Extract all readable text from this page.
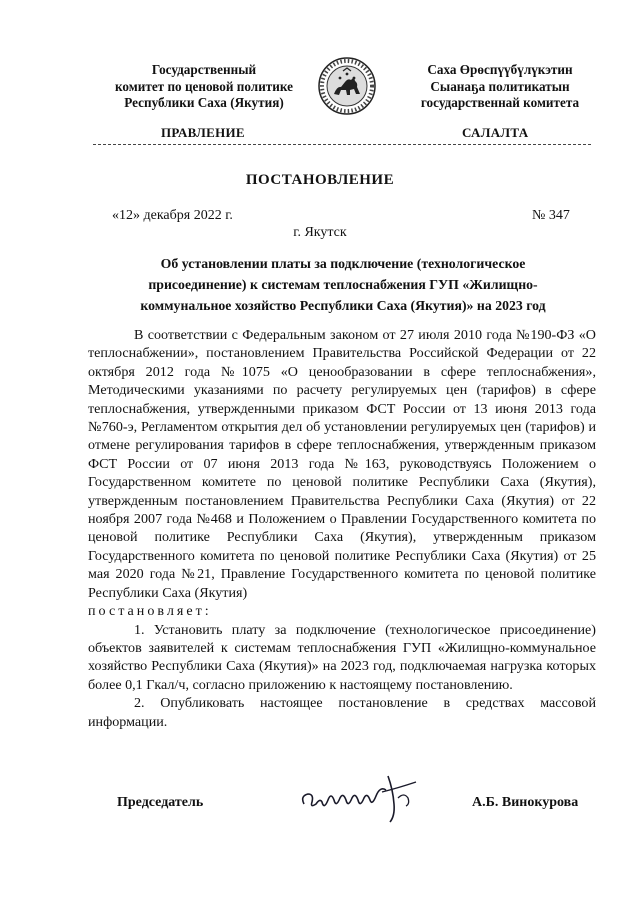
Государственный
комитет по ценовой политике
Республики Саха (Якутия)
Саха Өрөспүүбүлүкэтин
Сыанаҕа политикатын
государственнай комитета
ПРАВЛЕНИЕ	САЛАЛТА
ПОСТАНОВЛЕНИЕ
«12» декабря 2022 г.	№ 347
г. Якутск
Об установлении платы за подключение (технологическое
присоединение) к системам теплоснабжения ГУП «Жилищно-
коммунальное хозяйство Республики Саха (Якутия)» на 2023 год

В соответствии с Федеральным законом от 27 июля 2010 года №190-ФЗ «О теплоснабжении», постановлением Правительства Российской Федерации от 22 октября 2012 года №1075 «О ценообразовании в сфере теплоснабжения», Методическими указаниями по расчету регулируемых цен (тарифов) в сфере теплоснабжения, утвержденными приказом ФСТ России от 13 июня 2013 года №760-э, Регламентом открытия дел об установлении регулируемых цен (тарифов) и отмене регулирования тарифов в сфере теплоснабжения, утвержденным приказом ФСТ России от 07 июня 2013 года №163, руководствуясь Положением о Государственном комитете по ценовой политике Республики Саха (Якутия), утвержденным постановлением Правительства Республики Саха (Якутия) от 22 ноября 2007 года №468 и Положением о Правлении Государственного комитета по ценовой политике Республики Саха (Якутия), утвержденным приказом Государственного комитета по ценовой политике Республики Саха (Якутия) от 25 мая 2020 года №21, Правление Государственного комитета по ценовой политике Республики Саха (Якутия)

постановляет:

1. Установить плату за подключение (технологическое присоединение) объектов заявителей к системам теплоснабжения ГУП «Жилищно-коммунальное хозяйство Республики Саха (Якутия)» на 2023 год, подключаемая нагрузка которых более 0,1 Гкал/ч, согласно приложению к настоящему постановлению.

2. Опубликовать настоящее постановление в средствах массовой информации.

Председатель	А.Б. Винокурова
